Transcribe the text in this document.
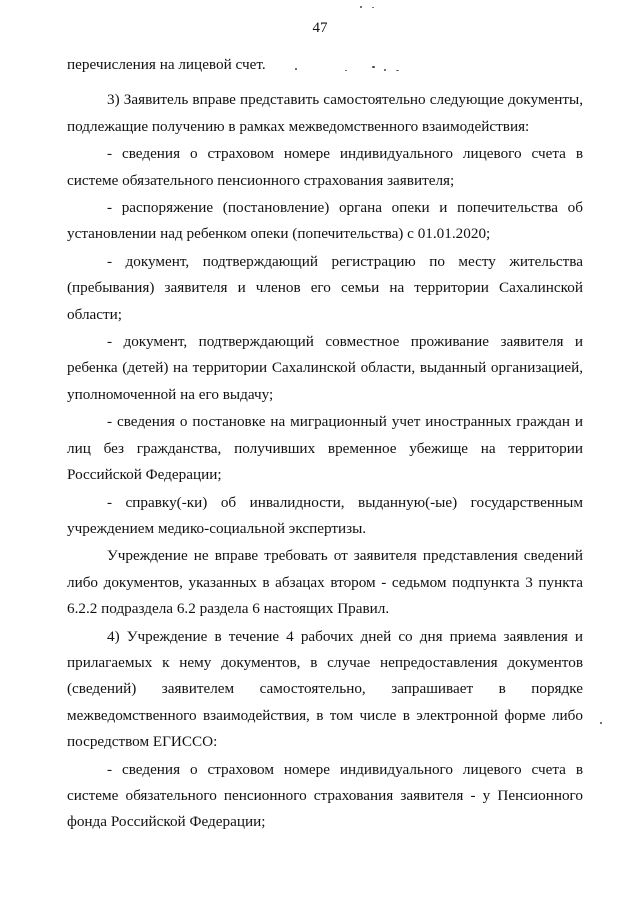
47

перечисления на лицевой счет.

3) Заявитель вправе представить самостоятельно следующие документы, подлежащие получению в рамках межведомственного взаимодействия:

- сведения о страховом номере индивидуального лицевого счета в системе обязательного пенсионного страхования заявителя;

- распоряжение (постановление) органа опеки и попечительства об установлении над ребенком опеки (попечительства) с 01.01.2020;

- документ, подтверждающий регистрацию по месту жительства (пребывания) заявителя и членов его семьи на территории Сахалинской области;

- документ, подтверждающий совместное проживание заявителя и ребенка (детей) на территории Сахалинской области, выданный организацией, уполномоченной на его выдачу;

- сведения о постановке на миграционный учет иностранных граждан и лиц без гражданства, получивших временное убежище на территории Российской Федерации;

- справку(-ки) об инвалидности, выданную(-ые) государственным учреждением медико-социальной экспертизы.

Учреждение не вправе требовать от заявителя представления сведений либо документов, указанных в абзацах втором - седьмом подпункта 3 пункта 6.2.2 подраздела 6.2 раздела 6 настоящих Правил.

4) Учреждение в течение 4 рабочих дней со дня приема заявления и прилагаемых к нему документов, в случае непредоставления документов (сведений) заявителем самостоятельно, запрашивает в порядке межведомственного взаимодействия, в том числе в электронной форме либо посредством ЕГИССО:

- сведения о страховом номере индивидуального лицевого счета в системе обязательного пенсионного страхования заявителя - у Пенсионного фонда Российской Федерации;
